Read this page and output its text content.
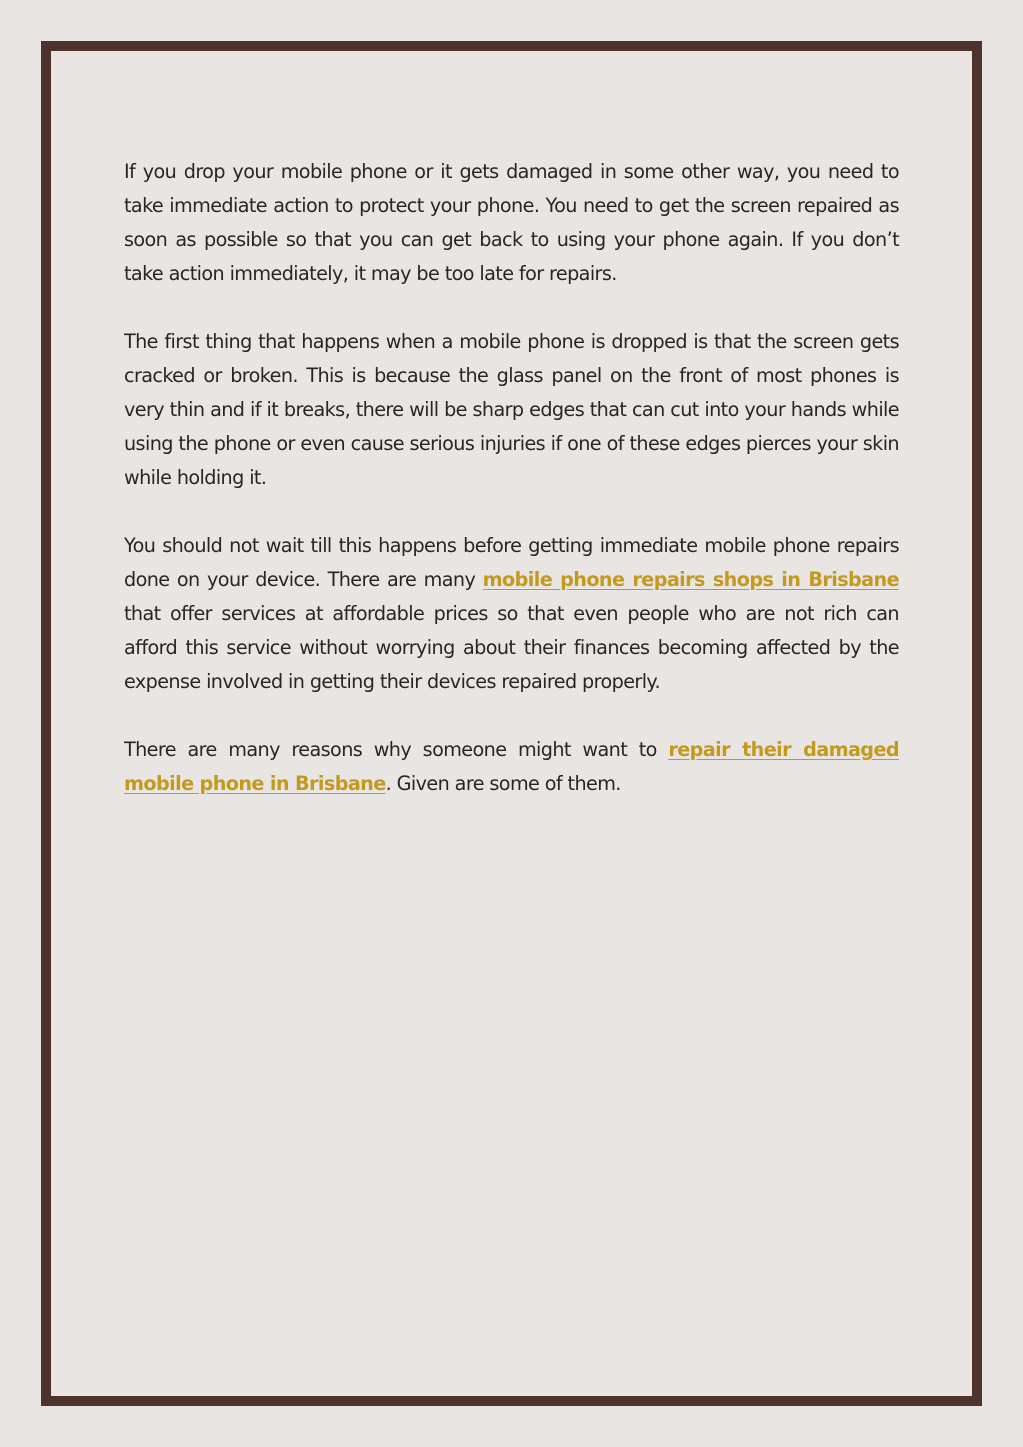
If you drop your mobile phone or it gets damaged in some other way, you need to take immediate action to protect your phone. You need to get the screen repaired as soon as possible so that you can get back to using your phone again. If you don’t take action immediately, it may be too late for repairs.

The first thing that happens when a mobile phone is dropped is that the screen gets cracked or broken. This is because the glass panel on the front of most phones is very thin and if it breaks, there will be sharp edges that can cut into your hands while using the phone or even cause serious injuries if one of these edges pierces your skin while holding it.

You should not wait till this happens before getting immediate mobile phone repairs done on your device. There are many mobile phone repairs shops in Brisbane that offer services at affordable prices so that even people who are not rich can afford this service without worrying about their finances becoming affected by the expense involved in getting their devices repaired properly.

There are many reasons why someone might want to repair their damaged mobile phone in Brisbane. Given are some of them.
